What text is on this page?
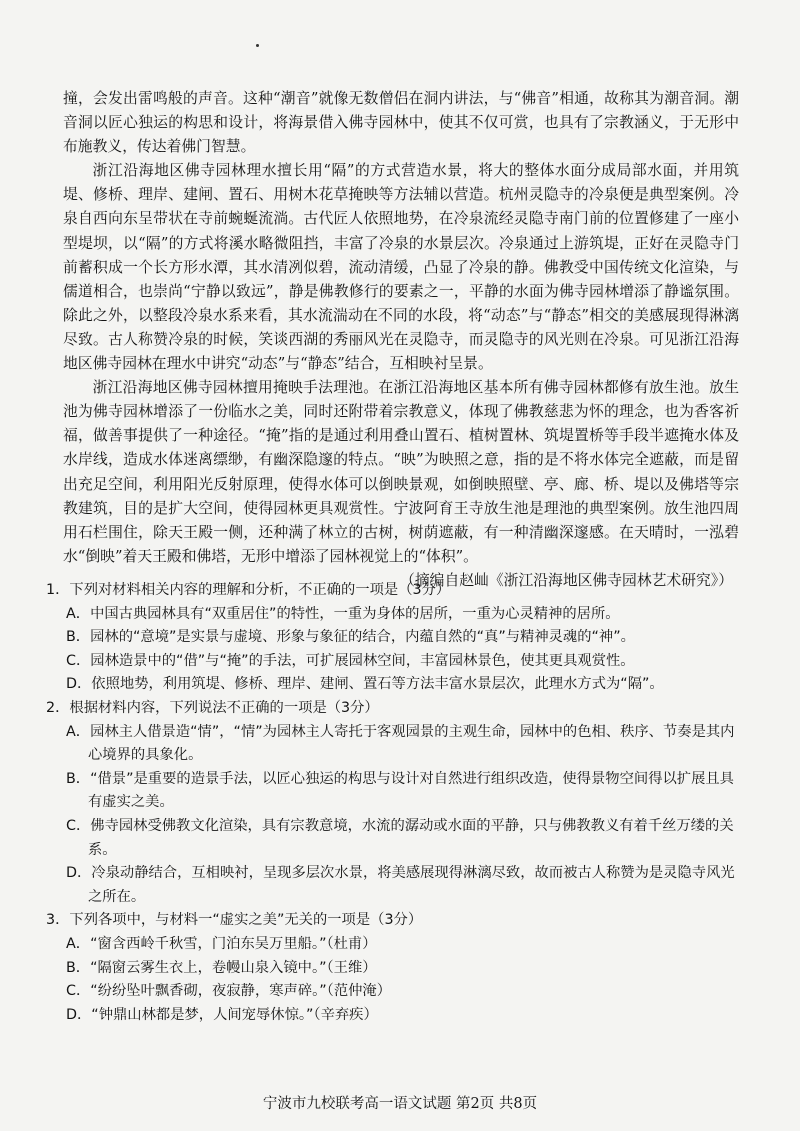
撞，会发出雷鸣般的声音。这种“潮音”就像无数僧侣在洞内讲法，与“佛音”相通，故称其为潮音洞。潮音洞以匠心独运的构思和设计，将海景借入佛寺园林中，使其不仅可赏，也具有了宗教涵义，于无形中布施教义，传达着佛门智慧。

浙江沿海地区佛寺园林理水擅长用“隔”的方式营造水景，将大的整体水面分成局部水面，并用筑堤、修桥、理岸、建闸、置石、用树木花草掩映等方法辅以营造。杭州灵隐寺的冷泉便是典型案例。冷泉自西向东呈带状在寺前蜿蜒流淌。古代匠人依照地势，在冷泉流经灵隐寺南门前的位置修建了一座小型堤坝，以“隔”的方式将溪水略微阻挡，丰富了冷泉的水景层次。冷泉通过上游筑堤，正好在灵隐寺门前蓄积成一个长方形水潭，其水清冽似碧，流动清缓，凸显了冷泉的静。佛教受中国传统文化渲染，与儒道相合，也崇尚“宁静以致远”，静是佛教修行的要素之一，平静的水面为佛寺园林增添了静谧氛围。除此之外，以整段冷泉水系来看，其水流湍动在不同的水段，将“动态”与“静态”相交的美感展现得淋漓尽致。古人称赞冷泉的时候，笑谈西湖的秀丽风光在灵隐寺，而灵隐寺的风光则在冷泉。可见浙江沿海地区佛寺园林在理水中讲究“动态”与“静态”结合，互相映衬呈景。

浙江沿海地区佛寺园林擅用掩映手法理池。在浙江沿海地区基本所有佛寺园林都修有放生池。放生池为佛寺园林增添了一份临水之美，同时还附带着宗教意义，体现了佛教慈悲为怀的理念，也为香客祈福，做善事提供了一种途径。“掩”指的是通过利用叠山置石、植树置林、筑堤置桥等手段半遮掩水体及水岸线，造成水体迷离缥缈，有幽深隐邃的特点。“映”为映照之意，指的是不将水体完全遮蔽，而是留出充足空间，利用阳光反射原理，使得水体可以倒映景观，如倒映照壁、亭、廊、桥、堤以及佛塔等宗教建筑，目的是扩大空间，使得园林更具观赏性。宁波阿育王寺放生池是理池的典型案例。放生池四周用石栏围住，除天王殿一侧，还种满了林立的古树，树荫遮蔽，有一种清幽深邃感。在天晴时，一泓碧水“倒映”着天王殿和佛塔，无形中增添了园林视觉上的“体积”。

（摘编自赵屾《浙江沿海地区佛寺园林艺术研究》）

1．下列对材料相关内容的理解和分析，不正确的一项是（3分）

A．中国古典园林具有“双重居住”的特性，一重为身体的居所，一重为心灵精神的居所。

B．园林的“意境”是实景与虚境、形象与象征的结合，内蕴自然的“真”与精神灵魂的“神”。

C．园林造景中的“借”与“掩”的手法，可扩展园林空间，丰富园林景色，使其更具观赏性。

D．依照地势，利用筑堤、修桥、理岸、建闸、置石等方法丰富水景层次，此理水方式为“隔”。

2．根据材料内容，下列说法不正确的一项是（3分）

A．园林主人借景造“情”，“情”为园林主人寄托于客观园景的主观生命，园林中的色相、秩序、节奏是其内心境界的具象化。

B．“借景”是重要的造景手法，以匠心独运的构思与设计对自然进行组织改造，使得景物空间得以扩展且具有虚实之美。

C．佛寺园林受佛教文化渲染，具有宗教意境，水流的潺动或水面的平静，只与佛教教义有着千丝万缕的关系。

D．冷泉动静结合，互相映衬，呈现多层次水景，将美感展现得淋漓尽致，故而被古人称赞为是灵隐寺风光之所在。

3．下列各项中，与材料一“虚实之美”无关的一项是（3分）

A．“窗含西岭千秋雪，门泊东吴万里船。”（杜甫）

B．“隔窗云雾生衣上，卷幔山泉入镜中。”（王维）

C．“纷纷坠叶飘香砌，夜寂静，寒声碎。”（范仲淹）

D．“钟鼎山林都是梦，人间宠辱休惊。”（辛弃疾）

宁波市九校联考高一语文试题 第2页 共8页
